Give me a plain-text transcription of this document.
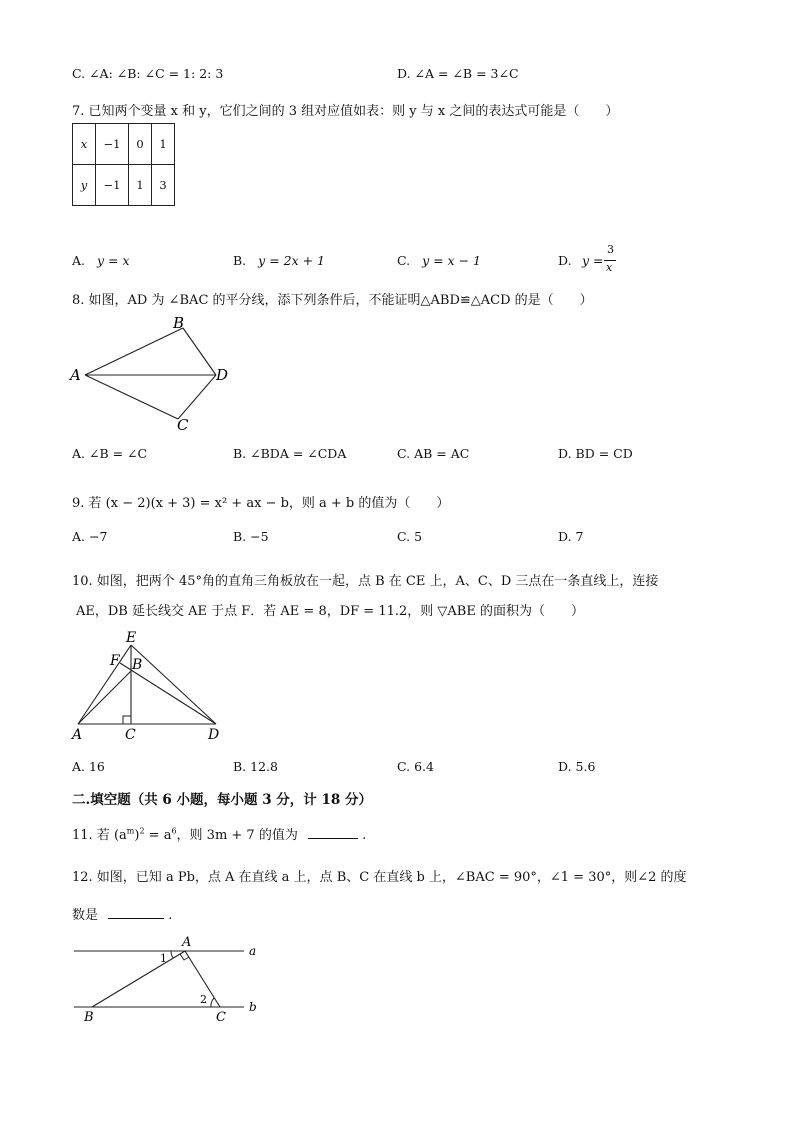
C. ∠A: ∠B: ∠C = 1: 2: 3	D. ∠A = ∠B = 3∠C
7. 已知两个变量 x 和 y，它们之间的 3 组对应值如表：则 y 与 x 之间的表达式可能是（　　）
x	−1	0	1
y	−1	1	3
A. y = x	B. y = 2x + 1	C. y = x − 1	D. y =
3
x
8. 如图，AD 为 ∠BAC 的平分线，添下列条件后，不能证明△ABD≌△ACD 的是（　　）
A
B
C
D
A. ∠B = ∠C	B. ∠BDA = ∠CDA	C. AB = AC	D. BD = CD
9. 若 (x − 2)(x + 3) = x² + ax − b，则 a + b 的值为（　　）
A. −7	B. −5	C. 5	D. 7
10. 如图，把两个 45°角的直角三角板放在一起，点 B 在 CE 上，A、C、D 三点在一条直线上，连接
AE，DB 延长线交 AE 于点 F．若 AE = 8，DF = 11.2，则 ▽ABE 的面积为（　　）
E
F B
A	C	D
A. 16	B. 12.8	C. 6.4	D. 5.6
二.填空题（共 6 小题，每小题 3 分，计 18 分）
11. 若 $(a^m)^2 = a^6$，则 3m + 7 的值为	.
12. 如图，已知 a Pb，点 A 在直线 a 上，点 B、C 在直线 b 上，∠BAC = 90°，∠1 = 30°，则∠2 的度
数是	.
A
B	C
a
b
1
2
